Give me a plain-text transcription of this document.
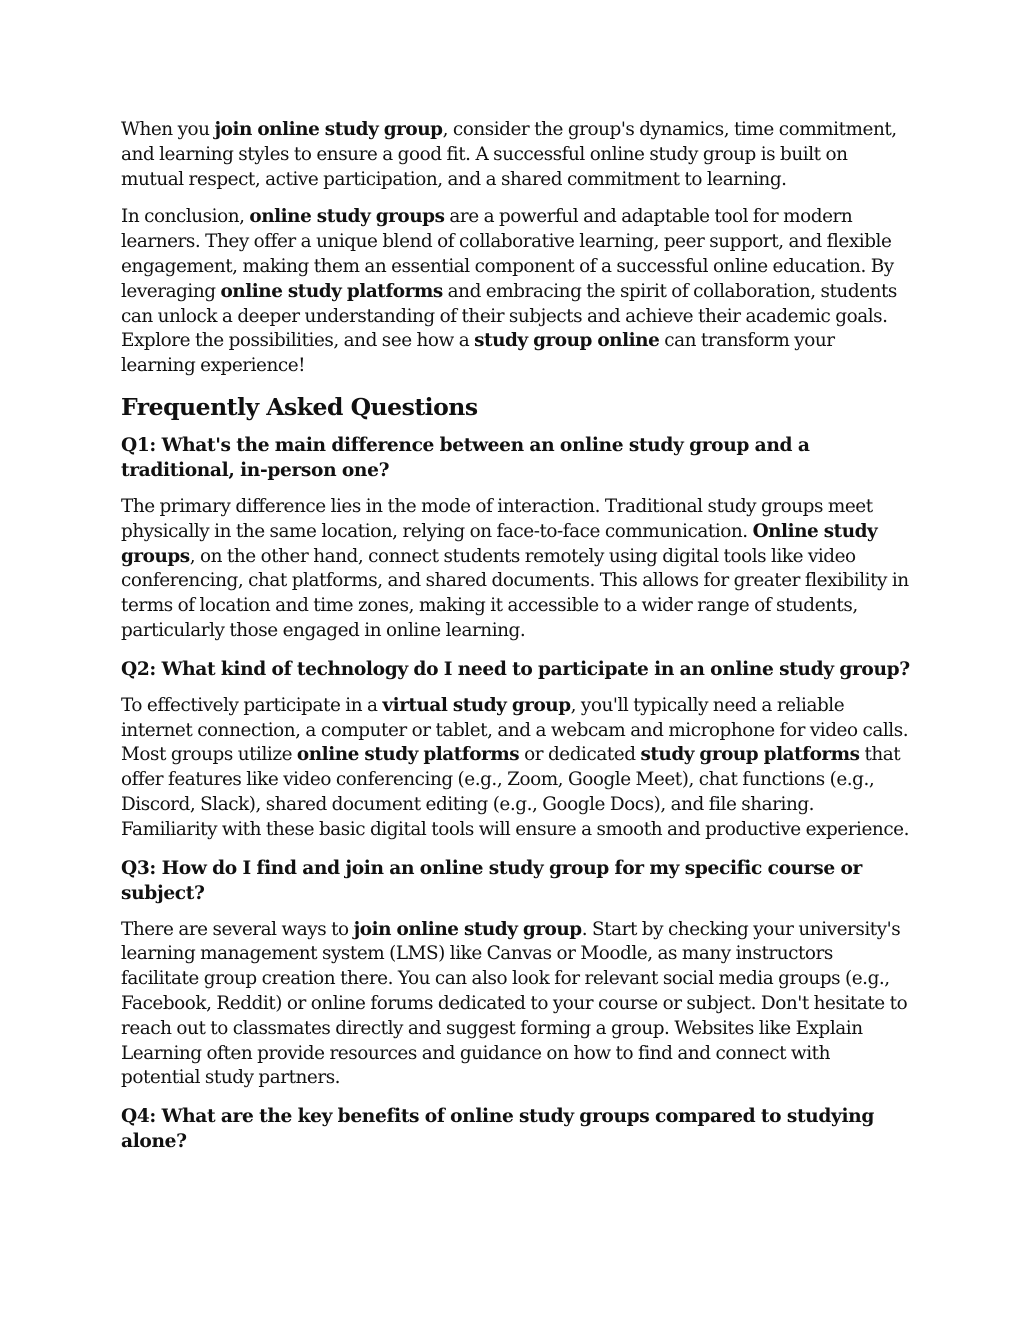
When you join online study group, consider the group's dynamics, time commitment, and learning styles to ensure a good fit. A successful online study group is built on mutual respect, active participation, and a shared commitment to learning.

In conclusion, online study groups are a powerful and adaptable tool for modern learners. They offer a unique blend of collaborative learning, peer support, and flexible engagement, making them an essential component of a successful online education. By leveraging online study platforms and embracing the spirit of collaboration, students can unlock a deeper understanding of their subjects and achieve their academic goals. Explore the possibilities, and see how a study group online can transform your learning experience!

Frequently Asked Questions
Q1: What's the main difference between an online study group and a traditional, in-person one?

The primary difference lies in the mode of interaction. Traditional study groups meet physically in the same location, relying on face-to-face communication. Online study groups, on the other hand, connect students remotely using digital tools like video conferencing, chat platforms, and shared documents. This allows for greater flexibility in terms of location and time zones, making it accessible to a wider range of students, particularly those engaged in online learning.

Q2: What kind of technology do I need to participate in an online study group?

To effectively participate in a virtual study group, you'll typically need a reliable internet connection, a computer or tablet, and a webcam and microphone for video calls. Most groups utilize online study platforms or dedicated study group platforms that offer features like video conferencing (e.g., Zoom, Google Meet), chat functions (e.g., Discord, Slack), shared document editing (e.g., Google Docs), and file sharing. Familiarity with these basic digital tools will ensure a smooth and productive experience.

Q3: How do I find and join an online study group for my specific course or subject?

There are several ways to join online study group. Start by checking your university's learning management system (LMS) like Canvas or Moodle, as many instructors facilitate group creation there. You can also look for relevant social media groups (e.g., Facebook, Reddit) or online forums dedicated to your course or subject. Don't hesitate to reach out to classmates directly and suggest forming a group. Websites like Explain Learning often provide resources and guidance on how to find and connect with potential study partners.

Q4: What are the key benefits of online study groups compared to studying alone?
